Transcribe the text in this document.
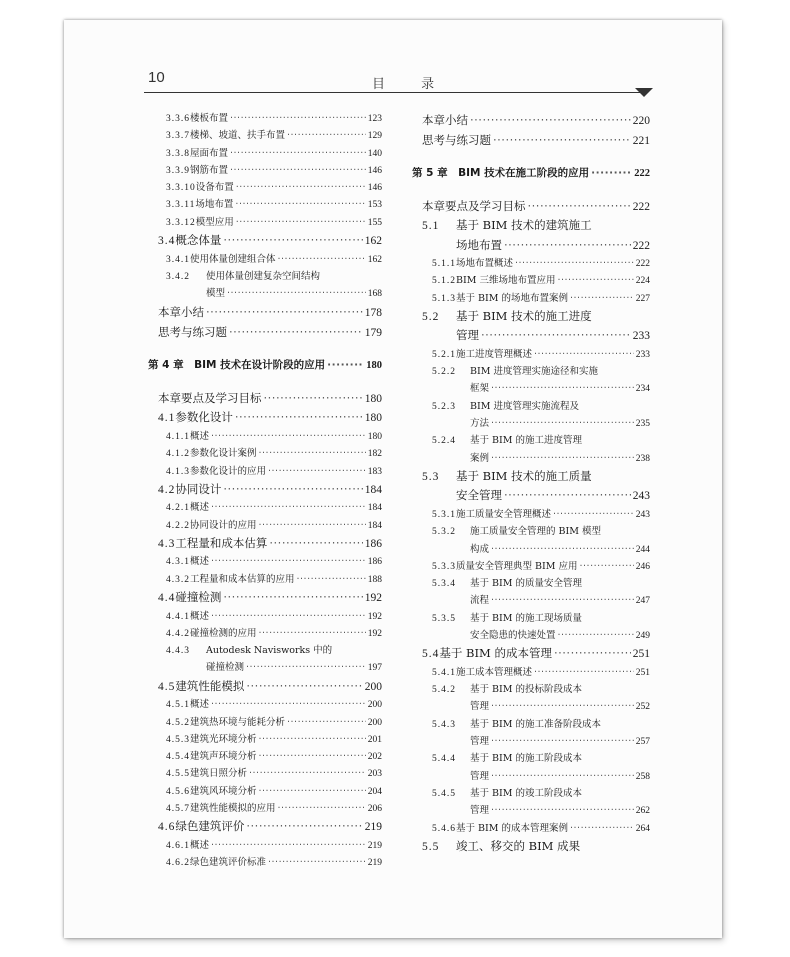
10	目 录
3.3.6 楼板布置 ·····	123
3.3.7 楼梯、坡道、扶手布置 ·····	129
3.3.8 屋面布置 ·····	140
3.3.9 钢筋布置 ·····	146
3.3.10 设备布置 ·····	146
3.3.11 场地布置 ·····	153
3.3.12 模型应用 ·····	155
3.4 概念体量 ·····	162
3.4.1 使用体量创建组合体 ·····	162
3.4.2	使用体量创建复杂空间结构
模型 ·····	168
本章小结 ·····	178
思考与练习题 ·····	179
第 4 章　BIM 技术在设计阶段的应用 ·····	180
本章要点及学习目标 ·····	180
4.1 参数化设计 ·····	180
4.1.1 概述 ·····	180
4.1.2 参数化设计案例 ·····	182
4.1.3 参数化设计的应用 ·····	183
4.2 协同设计 ·····	184
4.2.1 概述 ·····	184
4.2.2 协同设计的应用 ·····	184
4.3 工程量和成本估算 ·····	186
4.3.1 概述 ·····	186
4.3.2 工程量和成本估算的应用 ·····	188
4.4 碰撞检测 ·····	192
4.4.1 概述 ·····	192
4.4.2 碰撞检测的应用 ·····	192
4.4.3	Autodesk Navisworks 中的
碰撞检测 ·····	197
4.5 建筑性能模拟 ·····	200
4.5.1 概述 ·····	200
4.5.2 建筑热环境与能耗分析 ·····	200
4.5.3 建筑光环境分析 ·····	201
4.5.4 建筑声环境分析 ·····	202
4.5.5 建筑日照分析 ·····	203
4.5.6 建筑风环境分析 ·····	204
4.5.7 建筑性能模拟的应用 ·····	206
4.6 绿色建筑评价 ·····	219
4.6.1 概述 ·····	219
4.6.2 绿色建筑评价标准 ·····	219
本章小结 ·····	220
思考与练习题 ·····	221
第 5 章　BIM 技术在施工阶段的应用 ·····	222
本章要点及学习目标 ·····	222
5.1	基于 BIM 技术的建筑施工
场地布置 ·····	222
5.1.1 场地布置概述 ·····	222
5.1.2 BIM 三维场地布置应用 ·····	224
5.1.3 基于 BIM 的场地布置案例 ·····	227
5.2	基于 BIM 技术的施工进度
管理 ·····	233
5.2.1 施工进度管理概述 ·····	233
5.2.2	BIM 进度管理实施途径和实施
框架 ·····	234
5.2.3	BIM 进度管理实施流程及
方法 ·····	235
5.2.4	基于 BIM 的施工进度管理
案例 ·····	238
5.3	基于 BIM 技术的施工质量
安全管理 ·····	243
5.3.1 施工质量安全管理概述 ·····	243
5.3.2	施工质量安全管理的 BIM 模型
构成 ·····	244
5.3.3 质量安全管理典型 BIM 应用 ·····	246
5.3.4	基于 BIM 的质量安全管理
流程 ·····	247
5.3.5	基于 BIM 的施工现场质量
安全隐患的快速处置 ·····	249
5.4 基于 BIM 的成本管理 ·····	251
5.4.1 施工成本管理概述 ·····	251
5.4.2	基于 BIM 的投标阶段成本
管理 ·····	252
5.4.3	基于 BIM 的施工准备阶段成本
管理 ·····	257
5.4.4	基于 BIM 的施工阶段成本
管理 ·····	258
5.4.5	基于 BIM 的竣工阶段成本
管理 ·····	262
5.4.6 基于 BIM 的成本管理案例 ·····	264
5.5	竣工、移交的 BIM 成果
